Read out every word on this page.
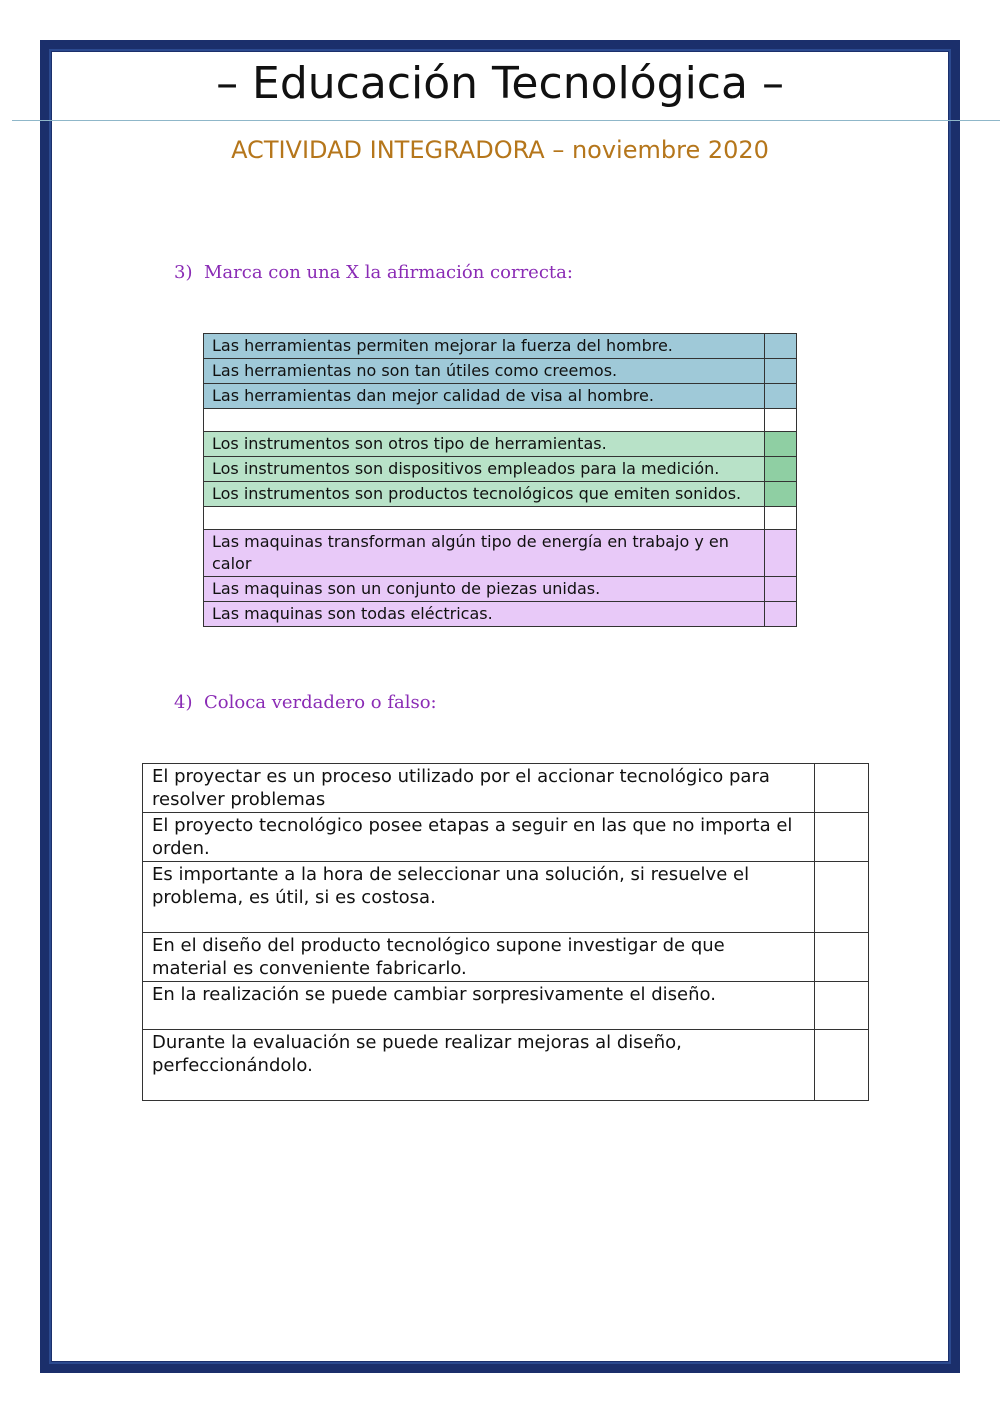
– Educación Tecnológica –
ACTIVIDAD INTEGRADORA – noviembre 2020
3) Marca con una X la afirmación correcta:
Las herramientas permiten mejorar la fuerza del hombre.	
Las herramientas no son tan útiles como creemos.	
Las herramientas dan mejor calidad de visa al hombre.	

Los instrumentos son otros tipo de herramientas.	
Los instrumentos son dispositivos empleados para la medición.	
Los instrumentos son productos tecnológicos que emiten sonidos.	

Las maquinas transforman algún tipo de energía en trabajo y en calor	
Las maquinas son un conjunto de piezas unidas.	
Las maquinas son todas eléctricas.	
4) Coloca verdadero o falso:
El proyectar es un proceso utilizado por el accionar tecnológico para resolver problemas	
El proyecto tecnológico posee etapas a seguir en las que no importa el orden.	
Es importante a la hora de seleccionar una solución, si resuelve el problema, es útil, si es costosa.	
En el diseño del producto tecnológico supone investigar de que material es conveniente fabricarlo.	
En la realización se puede cambiar sorpresivamente el diseño.	
Durante la evaluación se puede realizar mejoras al diseño, perfeccionándolo.	
